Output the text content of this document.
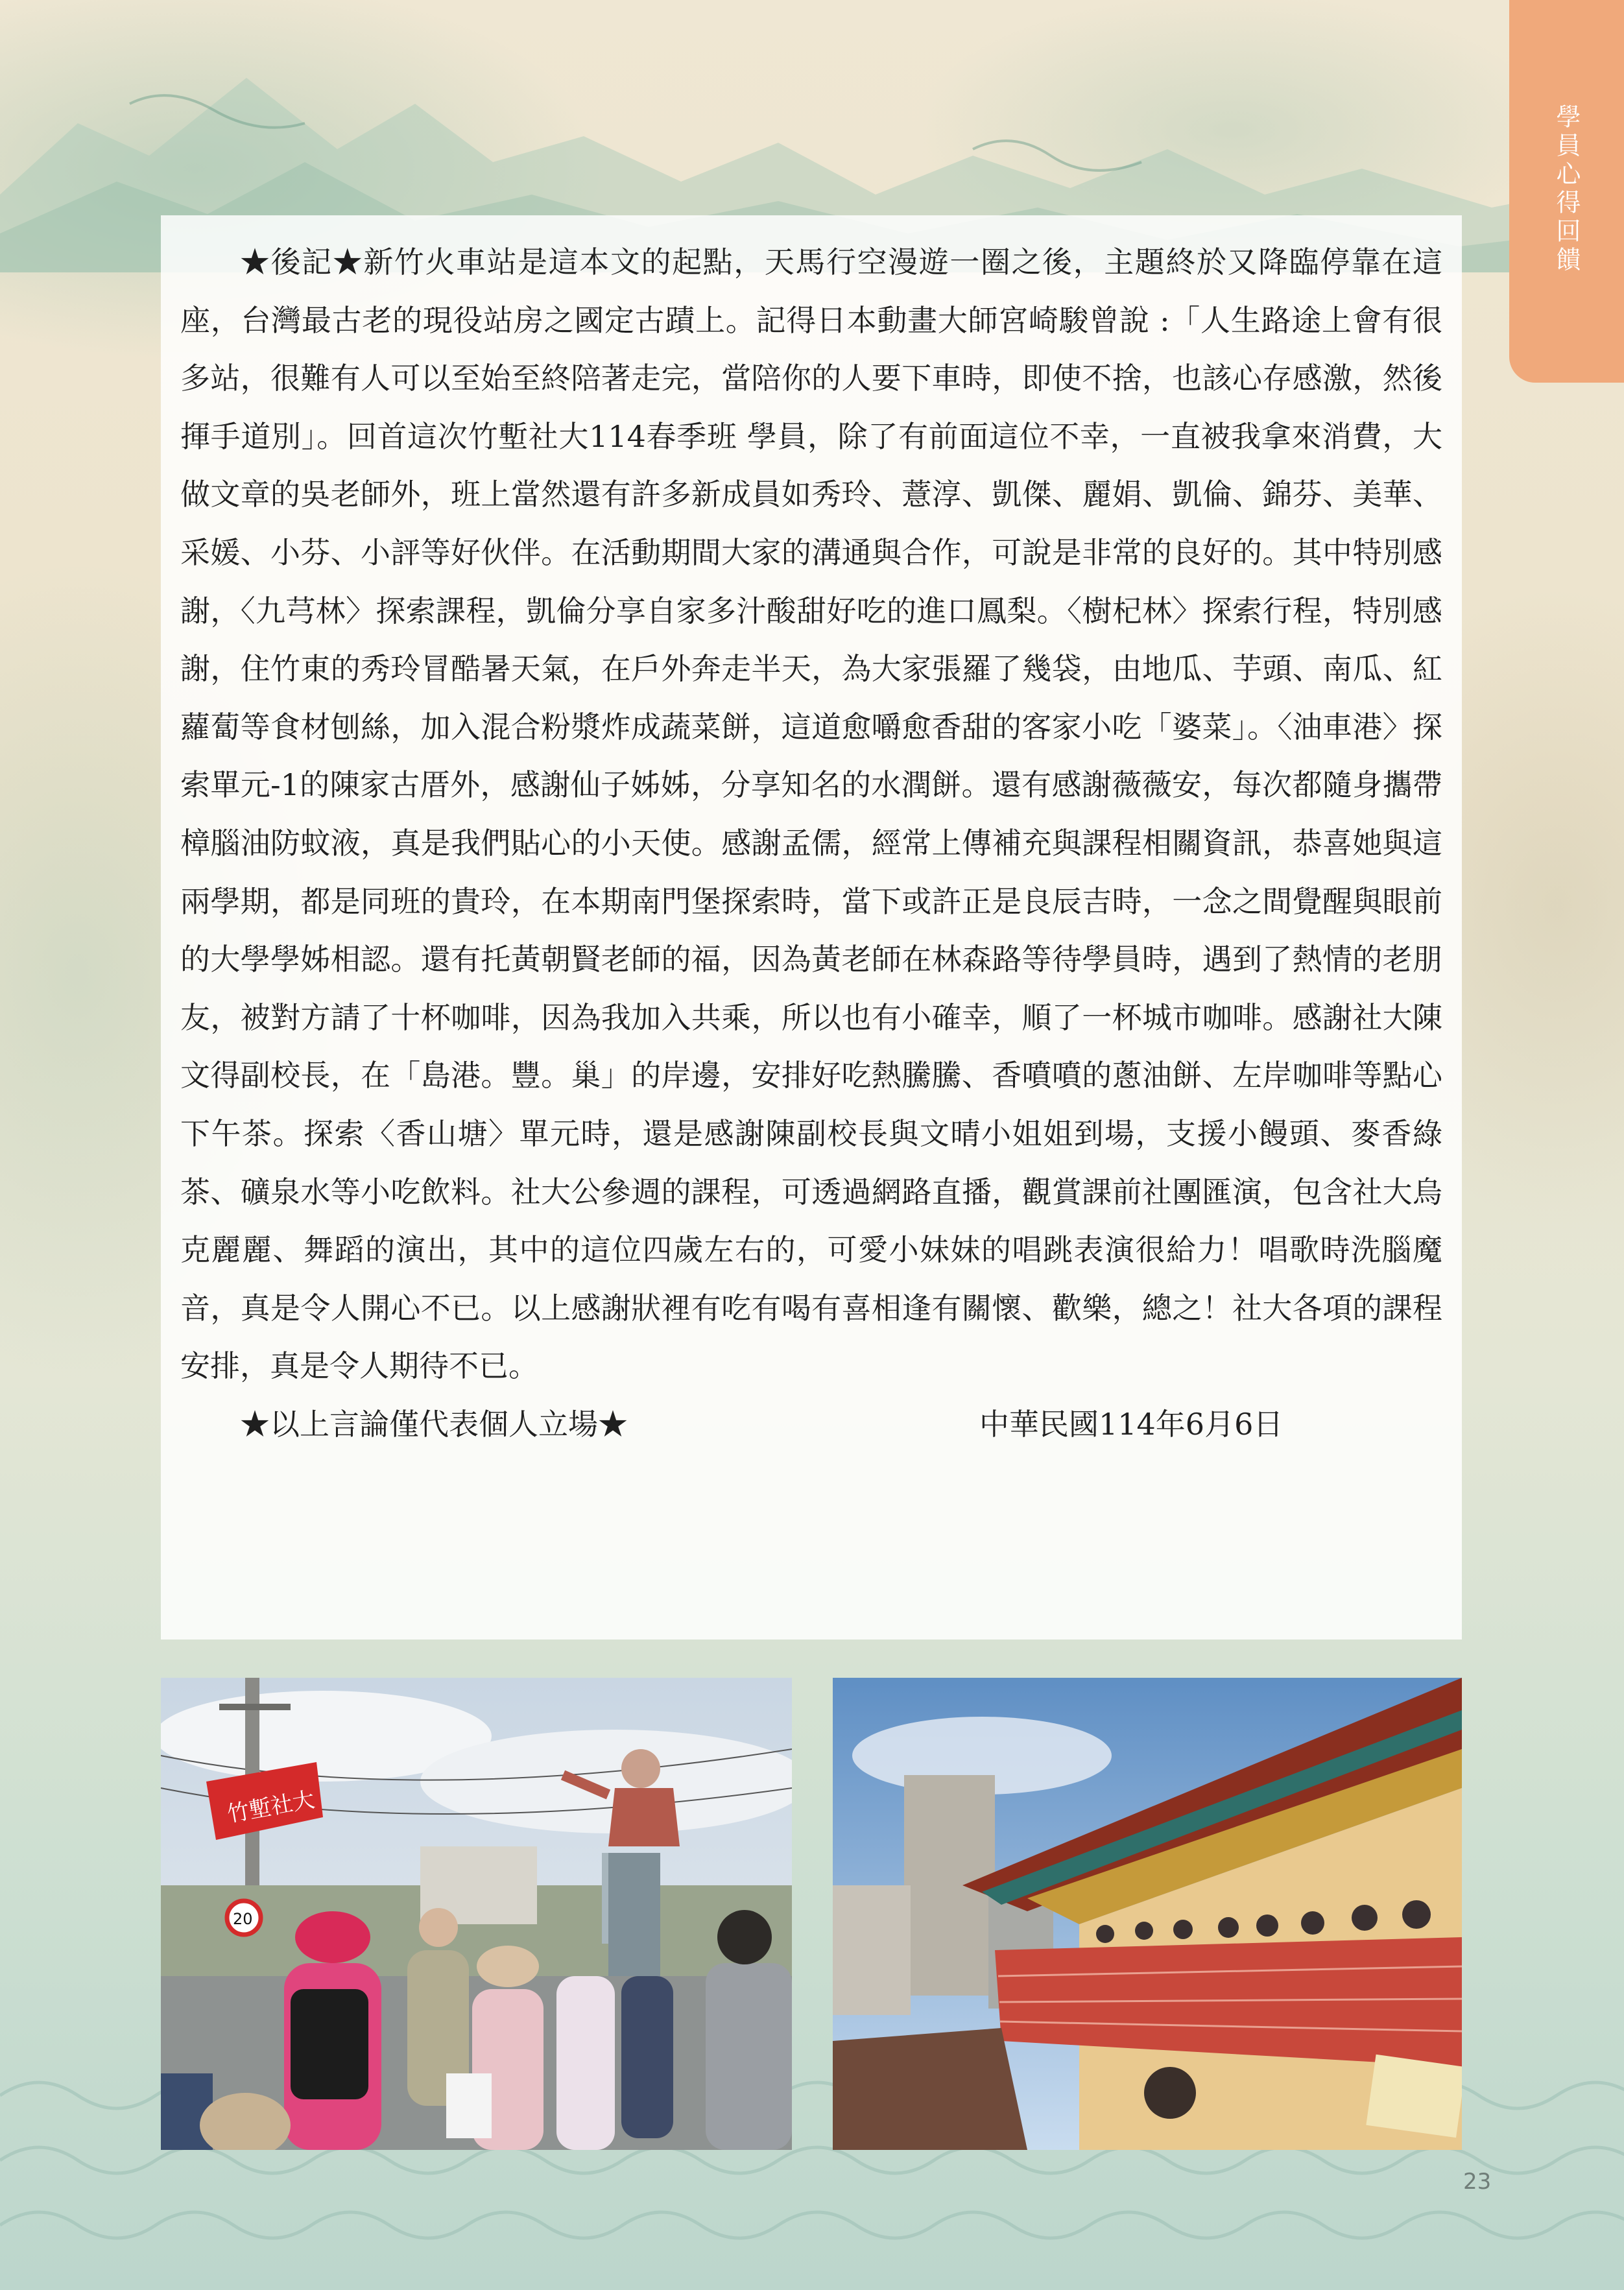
學員心得回饋

★後記★新竹火車站是這本文的起點，天馬行空漫遊一圈之後，主題終於又降臨停靠在這座，台灣最古老的現役站房之國定古蹟上。記得日本動畫大師宮崎駿曾說 :「人生路途上會有很多站，很難有人可以至始至終陪著走完，當陪你的人要下車時，即使不捨，也該心存感激，然後揮手道別」。回首這次竹塹社大114春季班 學員，除了有前面這位不幸，一直被我拿來消費，大做文章的吳老師外，班上當然還有許多新成員如秀玲、薏淳、凱傑、麗娟、凱倫、錦芬、美華、采媛、小芬、小評等好伙伴。在活動期間大家的溝通與合作，可說是非常的良好的。其中特別感謝，〈九芎林〉探索課程，凱倫分享自家多汁酸甜好吃的進口鳳梨。〈樹杞林〉探索行程，特別感謝，住竹東的秀玲冒酷暑天氣，在戶外奔走半天，為大家張羅了幾袋，由地瓜、芋頭、南瓜、紅蘿蔔等食材刨絲，加入混合粉漿炸成蔬菜餅，這道愈嚼愈香甜的客家小吃「婆菜」。〈油車港〉探索單元-1的陳家古厝外，感謝仙子姊姊，分享知名的水潤餅。還有感謝薇薇安，每次都隨身攜帶樟腦油防蚊液，真是我們貼心的小天使。感謝孟儒，經常上傳補充與課程相關資訊，恭喜她與這兩學期，都是同班的貴玲，在本期南門堡探索時，當下或許正是良辰吉時，一念之間覺醒與眼前的大學學姊相認。還有托黃朝賢老師的福，因為黃老師在林森路等待學員時，遇到了熱情的老朋友，被對方請了十杯咖啡，因為我加入共乘，所以也有小確幸，順了一杯城市咖啡。感謝社大陳文得副校長，在「島港。豐。巢」的岸邊，安排好吃熱騰騰、香噴噴的蔥油餅、左岸咖啡等點心下午茶。探索〈香山塘〉單元時，還是感謝陳副校長與文晴小姐姐到場，支援小饅頭、麥香綠茶、礦泉水等小吃飲料。社大公參週的課程，可透過網路直播，觀賞課前社團匯演，包含社大烏克麗麗、舞蹈的演出，其中的這位四歲左右的，可愛小妹妹的唱跳表演很給力！唱歌時洗腦魔音，真是令人開心不已。以上感謝狀裡有吃有喝有喜相逢有關懷、歡樂，總之！社大各項的課程安排，真是令人期待不已。

★以上言論僅代表個人立場★	中華民國114年6月6日
竹塹社大
20
23
